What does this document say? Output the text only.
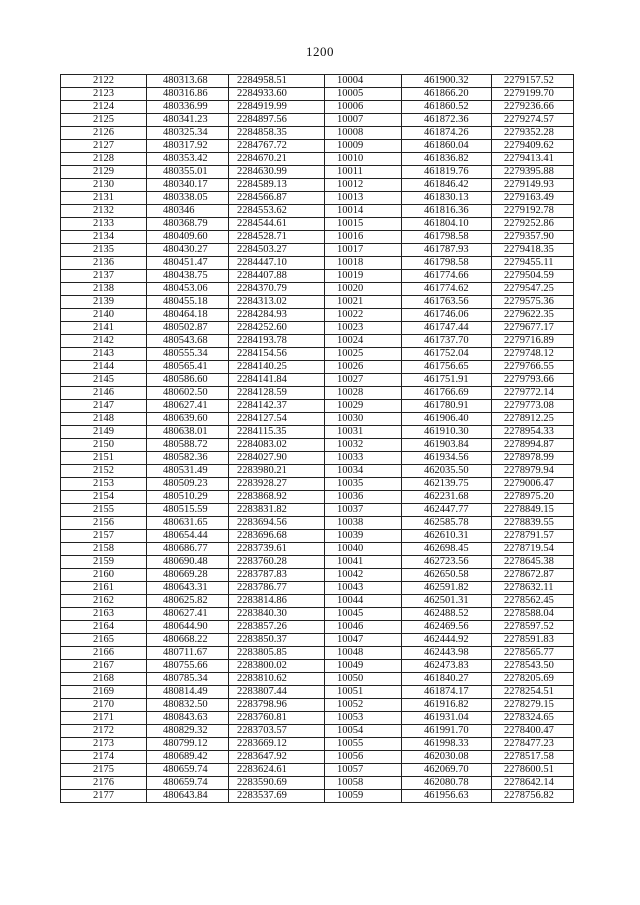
1200
2122	480313.68	2284958.51	10004	461900.32	2279157.52
2123	480316.86	2284933.60	10005	461866.20	2279199.70
2124	480336.99	2284919.99	10006	461860.52	2279236.66
2125	480341.23	2284897.56	10007	461872.36	2279274.57
2126	480325.34	2284858.35	10008	461874.26	2279352.28
2127	480317.92	2284767.72	10009	461860.04	2279409.62
2128	480353.42	2284670.21	10010	461836.82	2279413.41
2129	480355.01	2284630.99	10011	461819.76	2279395.88
2130	480340.17	2284589.13	10012	461846.42	2279149.93
2131	480338.05	2284566.87	10013	461830.13	2279163.49
2132	480346	2284553.62	10014	461816.36	2279192.78
2133	480368.79	2284544.61	10015	461804.10	2279252.86
2134	480409.60	2284528.71	10016	461798.58	2279357.90
2135	480430.27	2284503.27	10017	461787.93	2279418.35
2136	480451.47	2284447.10	10018	461798.58	2279455.11
2137	480438.75	2284407.88	10019	461774.66	2279504.59
2138	480453.06	2284370.79	10020	461774.62	2279547.25
2139	480455.18	2284313.02	10021	461763.56	2279575.36
2140	480464.18	2284284.93	10022	461746.06	2279622.35
2141	480502.87	2284252.60	10023	461747.44	2279677.17
2142	480543.68	2284193.78	10024	461737.70	2279716.89
2143	480555.34	2284154.56	10025	461752.04	2279748.12
2144	480565.41	2284140.25	10026	461756.65	2279766.55
2145	480586.60	2284141.84	10027	461751.91	2279793.66
2146	480602.50	2284128.59	10028	461766.69	2279772.14
2147	480627.41	2284142.37	10029	461780.91	2279773.08
2148	480639.60	2284127.54	10030	461906.40	2278912.25
2149	480638.01	2284115.35	10031	461910.30	2278954.33
2150	480588.72	2284083.02	10032	461903.84	2278994.87
2151	480582.36	2284027.90	10033	461934.56	2278978.99
2152	480531.49	2283980.21	10034	462035.50	2278979.94
2153	480509.23	2283928.27	10035	462139.75	2279006.47
2154	480510.29	2283868.92	10036	462231.68	2278975.20
2155	480515.59	2283831.82	10037	462447.77	2278849.15
2156	480631.65	2283694.56	10038	462585.78	2278839.55
2157	480654.44	2283696.68	10039	462610.31	2278791.57
2158	480686.77	2283739.61	10040	462698.45	2278719.54
2159	480690.48	2283760.28	10041	462723.56	2278645.38
2160	480669.28	2283787.83	10042	462650.58	2278672.87
2161	480643.31	2283786.77	10043	462591.82	2278632.11
2162	480625.82	2283814.86	10044	462501.31	2278562.45
2163	480627.41	2283840.30	10045	462488.52	2278588.04
2164	480644.90	2283857.26	10046	462469.56	2278597.52
2165	480668.22	2283850.37	10047	462444.92	2278591.83
2166	480711.67	2283805.85	10048	462443.98	2278565.77
2167	480755.66	2283800.02	10049	462473.83	2278543.50
2168	480785.34	2283810.62	10050	461840.27	2278205.69
2169	480814.49	2283807.44	10051	461874.17	2278254.51
2170	480832.50	2283798.96	10052	461916.82	2278279.15
2171	480843.63	2283760.81	10053	461931.04	2278324.65
2172	480829.32	2283703.57	10054	461991.70	2278400.47
2173	480799.12	2283669.12	10055	461998.33	2278477.23
2174	480689.42	2283647.92	10056	462030.08	2278517.58
2175	480659.74	2283624.61	10057	462069.70	2278600.51
2176	480659.74	2283590.69	10058	462080.78	2278642.14
2177	480643.84	2283537.69	10059	461956.63	2278756.82
